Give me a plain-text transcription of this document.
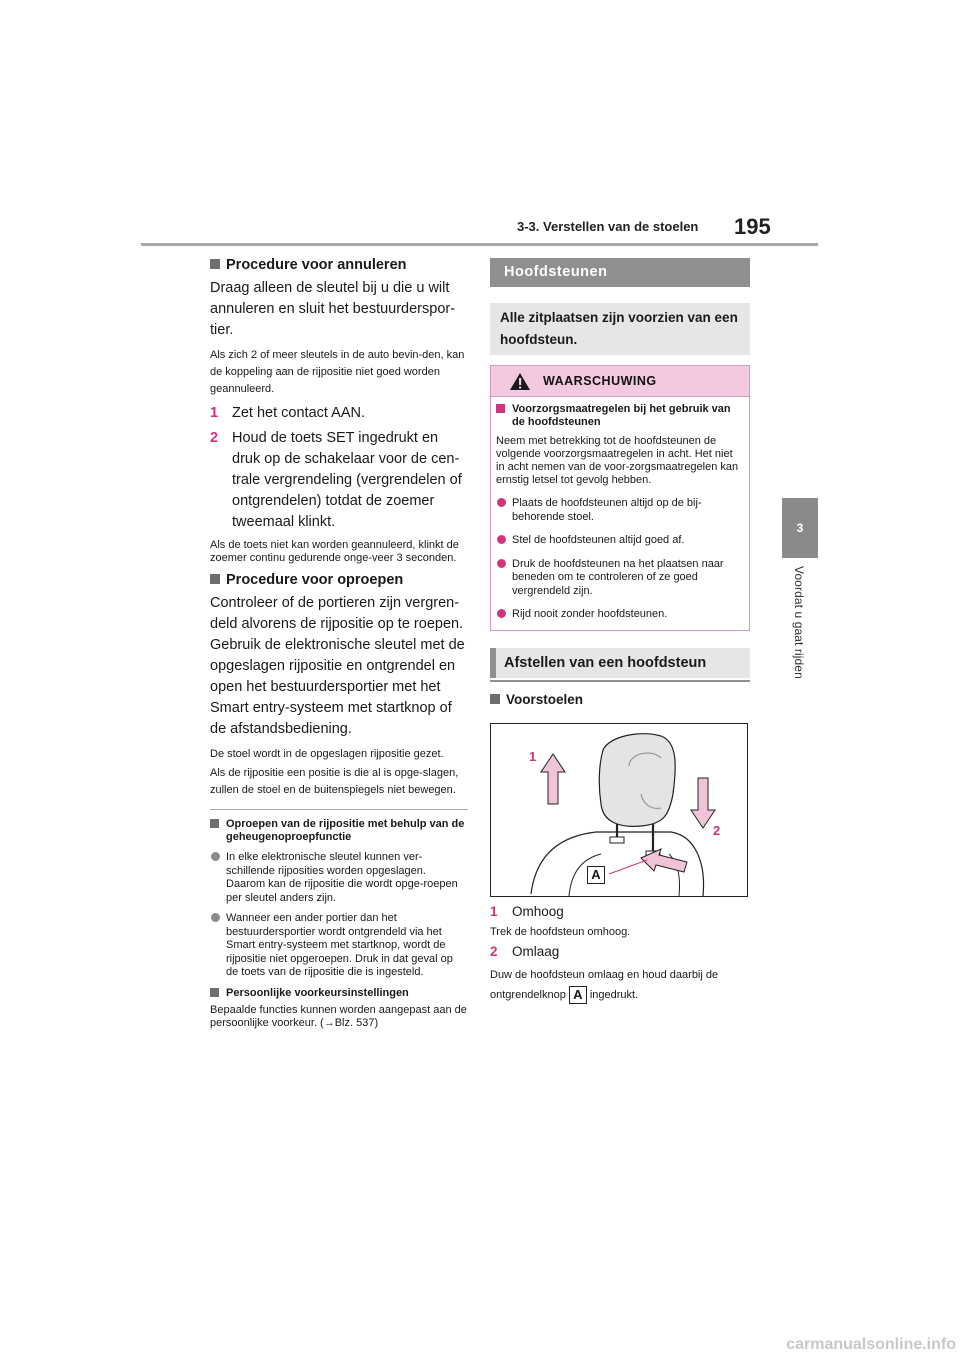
3-3. Verstellen van de stoelen 195
3
Voordat u gaat rijden

Procedure voor annuleren

Draag alleen de sleutel bij u die u wilt annuleren en sluit het bestuurderspor-tier.

Als zich 2 of meer sleutels in de auto bevin-den, kan de koppeling aan de rijpositie niet goed worden geannuleerd.

1 Zet het contact AAN.
2 Houd de toets SET ingedrukt en druk op de schakelaar voor de cen-trale vergrendeling (vergrendelen of ontgrendelen) totdat de zoemer tweemaal klinkt.

Als de toets niet kan worden geannuleerd, klinkt de zoemer continu gedurende onge-veer 3 seconden.

Procedure voor oproepen

Controleer of de portieren zijn vergren-deld alvorens de rijpositie op te roepen. Gebruik de elektronische sleutel met de opgeslagen rijpositie en ontgrendel en open het bestuurdersportier met het Smart entry-systeem met startknop of de afstandsbediening.

De stoel wordt in de opgeslagen rijpositie gezet.

Als de rijpositie een positie is die al is opge-slagen, zullen de stoel en de buitenspiegels niet bewegen.

Oproepen van de rijpositie met behulp van de geheugenoproepfunctie

In elke elektronische sleutel kunnen ver-schillende rijposities worden opgeslagen. Daarom kan de rijpositie die wordt opge-roepen per sleutel anders zijn.
Wanneer een ander portier dan het bestuurdersportier wordt ontgrendeld via het Smart entry-systeem met startknop, wordt de rijpositie niet opgeroepen. Druk in dat geval op de toets van de rijpositie die is ingesteld.

Persoonlijke voorkeursinstellingen

Bepaalde functies kunnen worden aangepast aan de persoonlijke voorkeur. (→Blz. 537)

Hoofdsteunen
Alle zitplaatsen zijn voorzien van een hoofdsteun.
WAARSCHUWING

Voorzorgsmaatregelen bij het gebruik van de hoofdsteunen

Neem met betrekking tot de hoofdsteunen de volgende voorzorgsmaatregelen in acht. Het niet in acht nemen van de voor-zorgsmaatregelen kan ernstig letsel tot gevolg hebben.

Plaats de hoofdsteunen altijd op de bij-behorende stoel.
Stel de hoofdsteunen altijd goed af.
Druk de hoofdsteunen na het plaatsen naar beneden om te controleren of ze goed vergrendeld zijn.
Rijd nooit zonder hoofdsteunen.
Afstellen van een hoofdsteun

Voorstoelen

1
2
A
1	Omhoog

Trek de hoofdsteun omhoog.

2	Omlaag

Duw de hoofdsteun omlaag en houd daarbij de ontgrendelknop A ingedrukt.

carmanualsonline.info
